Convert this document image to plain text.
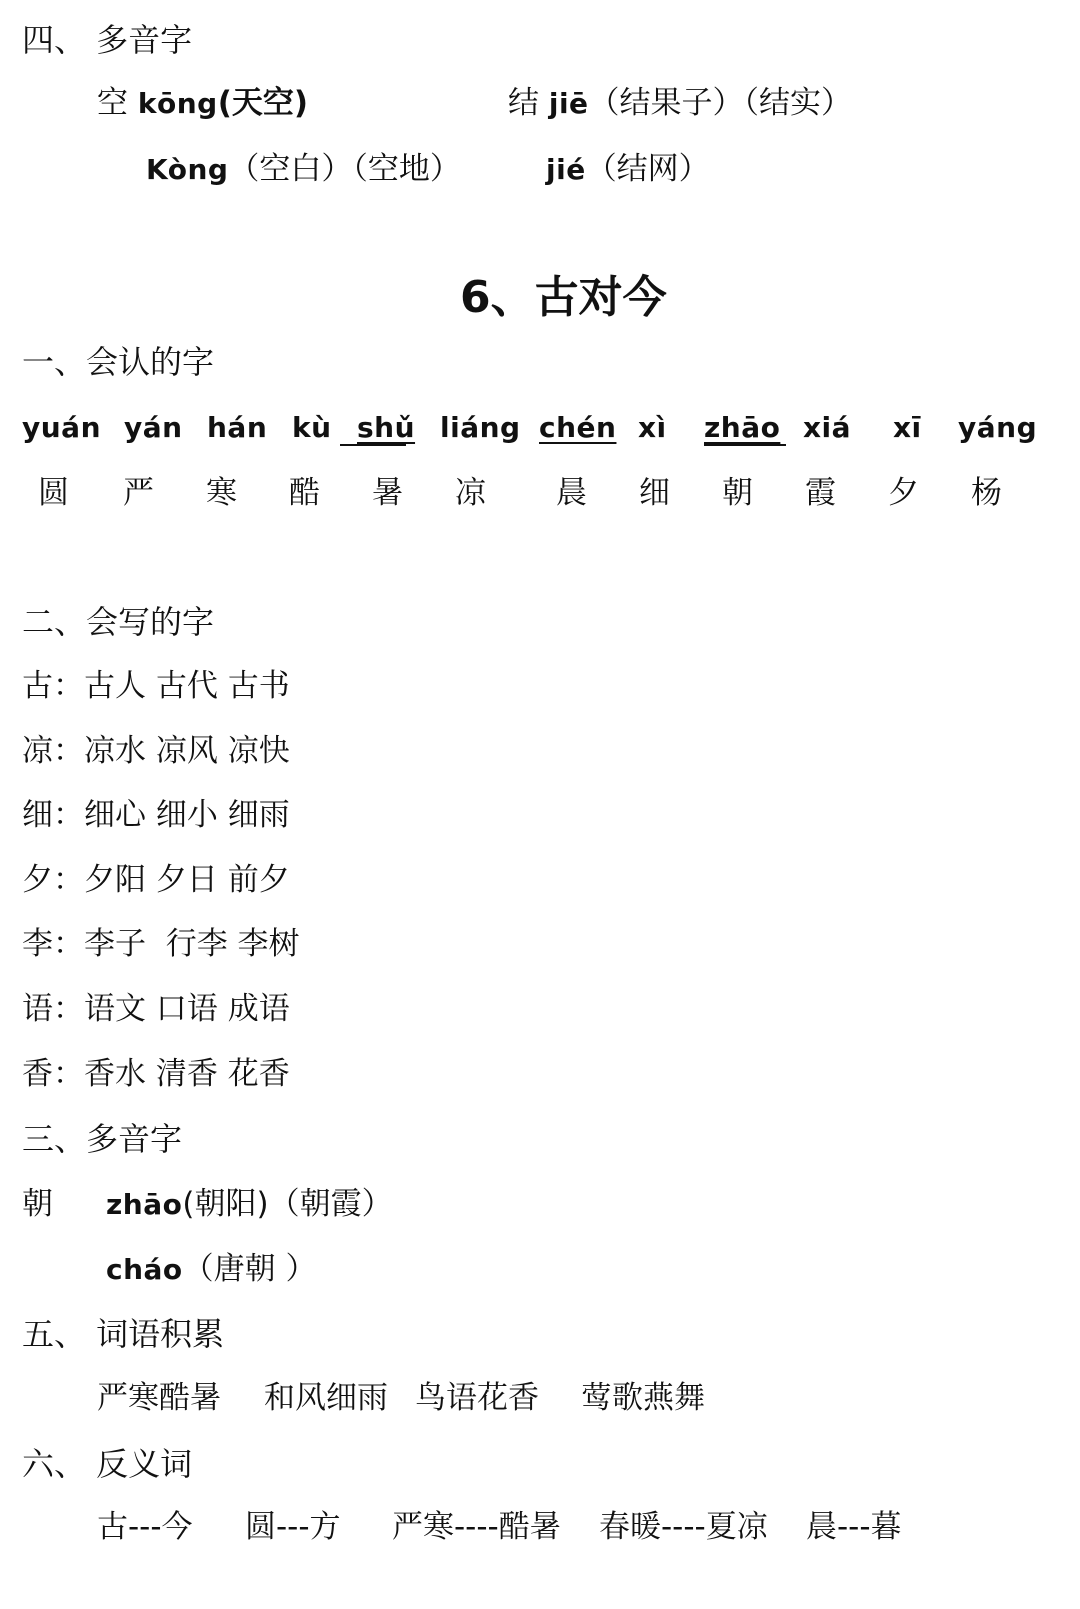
四、 多音字
空 kōng(天空)	结 jiē（结果子）（结实）
Kòng（空白）（空地）	jié（结网）
6、古对今
一、会认的字
yuán yán hán kù shǔ liáng chén xì zhāo xiá xī yáng
圆 严 寒 酷 暑 凉 晨 细 朝 霞 夕 杨
二、会写的字
古：古人 古代 古书
凉：凉水 凉风 凉快
细：细心 细小 细雨
夕：夕阳 夕日 前夕
李：李子  行李 李树
语：语文 口语 成语
香：香水 清香 花香
三、多音字
朝 zhāo(朝阳)（朝霞）
cháo（唐朝 ）
五、 词语积累
严寒酷暑 和风细雨 鸟语花香 莺歌燕舞
六、 反义词
古---今 圆---方 严寒----酷暑 春暖----夏凉 晨---暮
